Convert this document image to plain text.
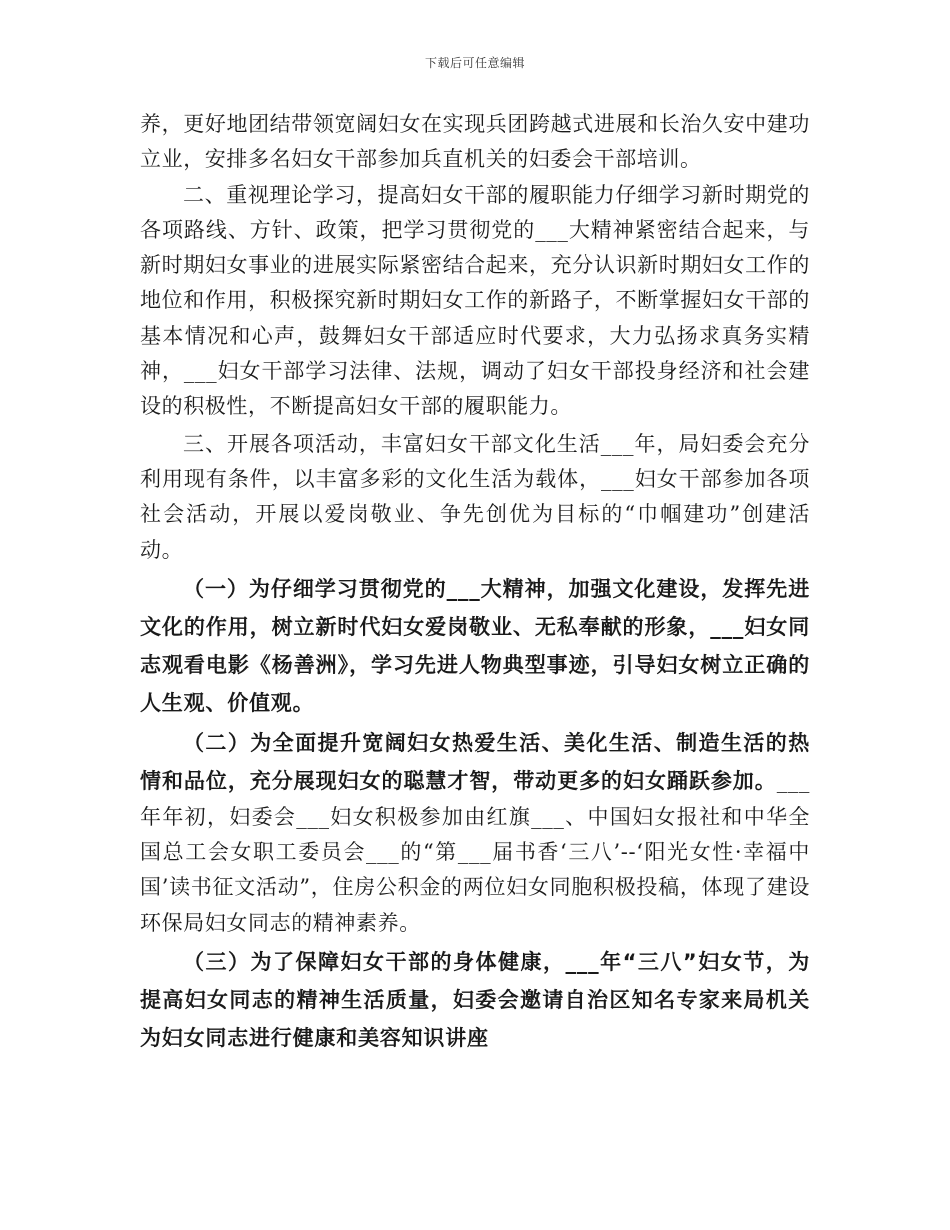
下载后可任意编辑

养，更好地团结带领宽阔妇女在实现兵团跨越式进展和长治久安中建功立业，安排多名妇女干部参加兵直机关的妇委会干部培训。

二、重视理论学习，提高妇女干部的履职能力仔细学习新时期党的各项路线、方针、政策，把学习贯彻党的___大精神紧密结合起来，与新时期妇女事业的进展实际紧密结合起来，充分认识新时期妇女工作的地位和作用，积极探究新时期妇女工作的新路子，不断掌握妇女干部的基本情况和心声，鼓舞妇女干部适应时代要求，大力弘扬求真务实精神，___妇女干部学习法律、法规，调动了妇女干部投身经济和社会建设的积极性，不断提高妇女干部的履职能力。

三、开展各项活动，丰富妇女干部文化生活___年，局妇委会充分利用现有条件，以丰富多彩的文化生活为载体，___妇女干部参加各项社会活动，开展以爱岗敬业、争先创优为目标的“巾帼建功”创建活动。

（一）为仔细学习贯彻党的___大精神，加强文化建设，发挥先进文化的作用，树立新时代妇女爱岗敬业、无私奉献的形象，___妇女同志观看电影《杨善洲》，学习先进人物典型事迹，引导妇女树立正确的人生观、价值观。

（二）为全面提升宽阔妇女热爱生活、美化生活、制造生活的热情和品位，充分展现妇女的聪慧才智，带动更多的妇女踊跃参加。___年年初，妇委会___妇女积极参加由红旗___、中国妇女报社和中华全国总工会女职工委员会___的“第___届书香‘三八’--‘阳光女性·幸福中国’读书征文活动”，住房公积金的两位妇女同胞积极投稿，体现了建设环保局妇女同志的精神素养。

（三）为了保障妇女干部的身体健康，___年“三八”妇女节，为提高妇女同志的精神生活质量，妇委会邀请自治区知名专家来局机关为妇女同志进行健康和美容知识讲座
